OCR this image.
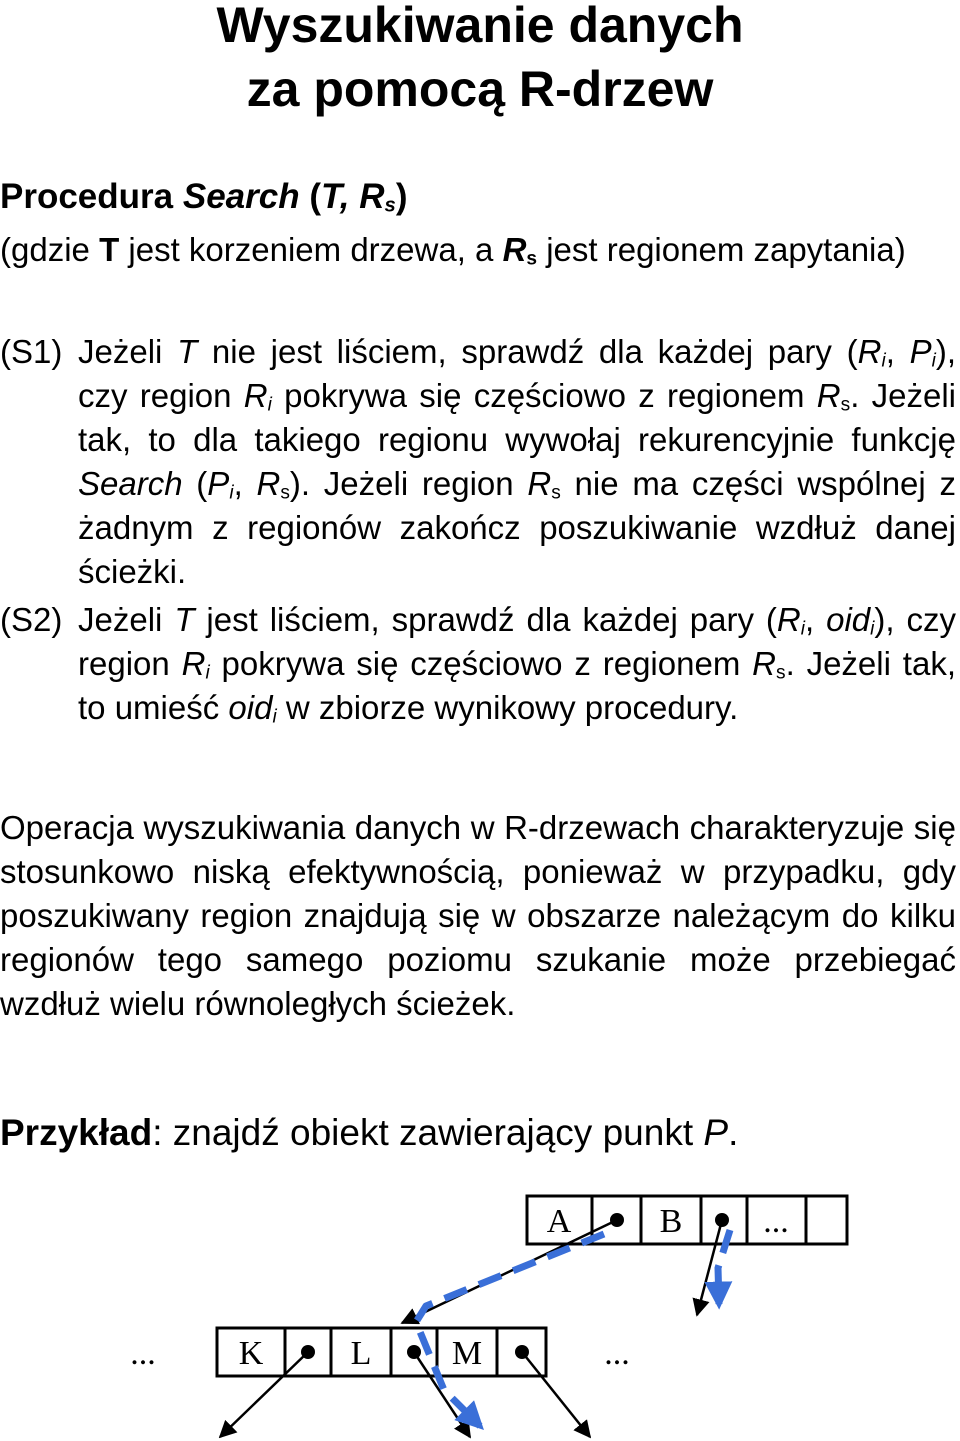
Wyszukiwanie danych
za pomocą R-drzew
Procedura Search (T, $R_s$)
(gdzie T jest korzeniem drzewa, a $R_s$ jest regionem zapytania)
(S1) Jeżeli T nie jest liściem, sprawdź dla każdej pary ($R_i$, $P_i$), czy region $R_i$ pokrywa się częściowo z regionem $R_s$. Jeżeli tak, to dla takiego regionu wywołaj rekurencyjnie funkcję Search ($P_i$, $R_s$). Jeżeli region $R_s$ nie ma części wspólnej z żadnym z regionów zakończ poszukiwanie wzdłuż danej ścieżki.
(S2) Jeżeli T jest liściem, sprawdź dla każdej pary ($R_i$, oid$_i$), czy region $R_i$ pokrywa się częściowo z regionem $R_s$. Jeżeli tak, to umieść oid$_i$ w zbiorze wynikowy procedury.
Operacja wyszukiwania danych w R-drzewach charakteryzuje się stosunkowo niską efektywnością, ponieważ w przypadku, gdy poszukiwany region znajdują się w obszarze należącym do kilku regionów tego samego poziomu szukanie może przebiegać wzdłuż wielu równoległych ścieżek.
Przykład: znajdź obiekt zawierający punkt P.
A	B ...
K	L M
...	...
